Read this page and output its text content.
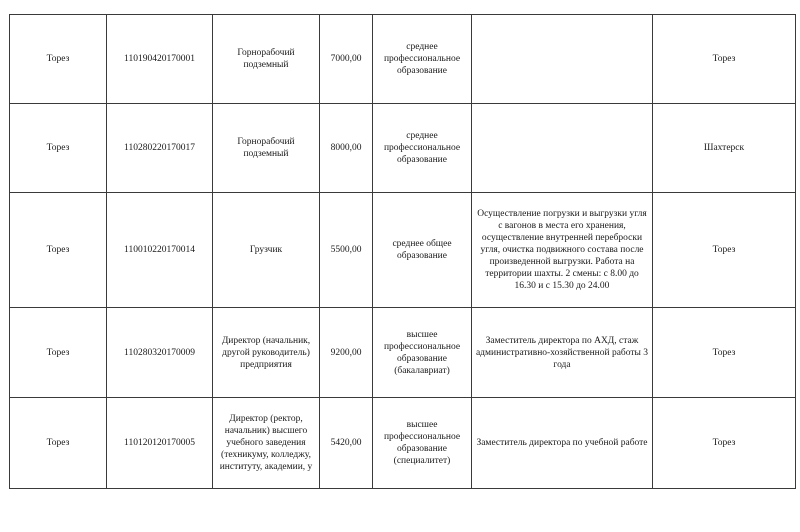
Торез	110190420170001	Горнорабочий подземный	7000,00	среднее профессиональное образование		Торез
Торез	110280220170017	Горнорабочий подземный	8000,00	среднее профессиональное образование		Шахтерск
Торез	110010220170014	Грузчик	5500,00	среднее общее образование	Осуществление погрузки и выгрузки угля с вагонов в места его хранения, осуществление внутренней переброски угля, очистка подвижного состава после произведенной выгрузки. Работа на территории шахты. 2 смены: с 8.00 до 16.30 и с 15.30 до 24.00	Торез
Торез	110280320170009	Директор (начальник, другой руководитель) предприятия	9200,00	высшее профессиональное образование (бакалавриат)	Заместитель директора по АХД, стаж административно-хозяйственной работы 3 года	Торез
Торез	110120120170005	Директор (ректор, начальник) высшего учебного заведения (техникуму, колледжу, институту, академии, у	5420,00	высшее профессиональное образование (специалитет)	Заместитель директора по учебной работе	Торез
